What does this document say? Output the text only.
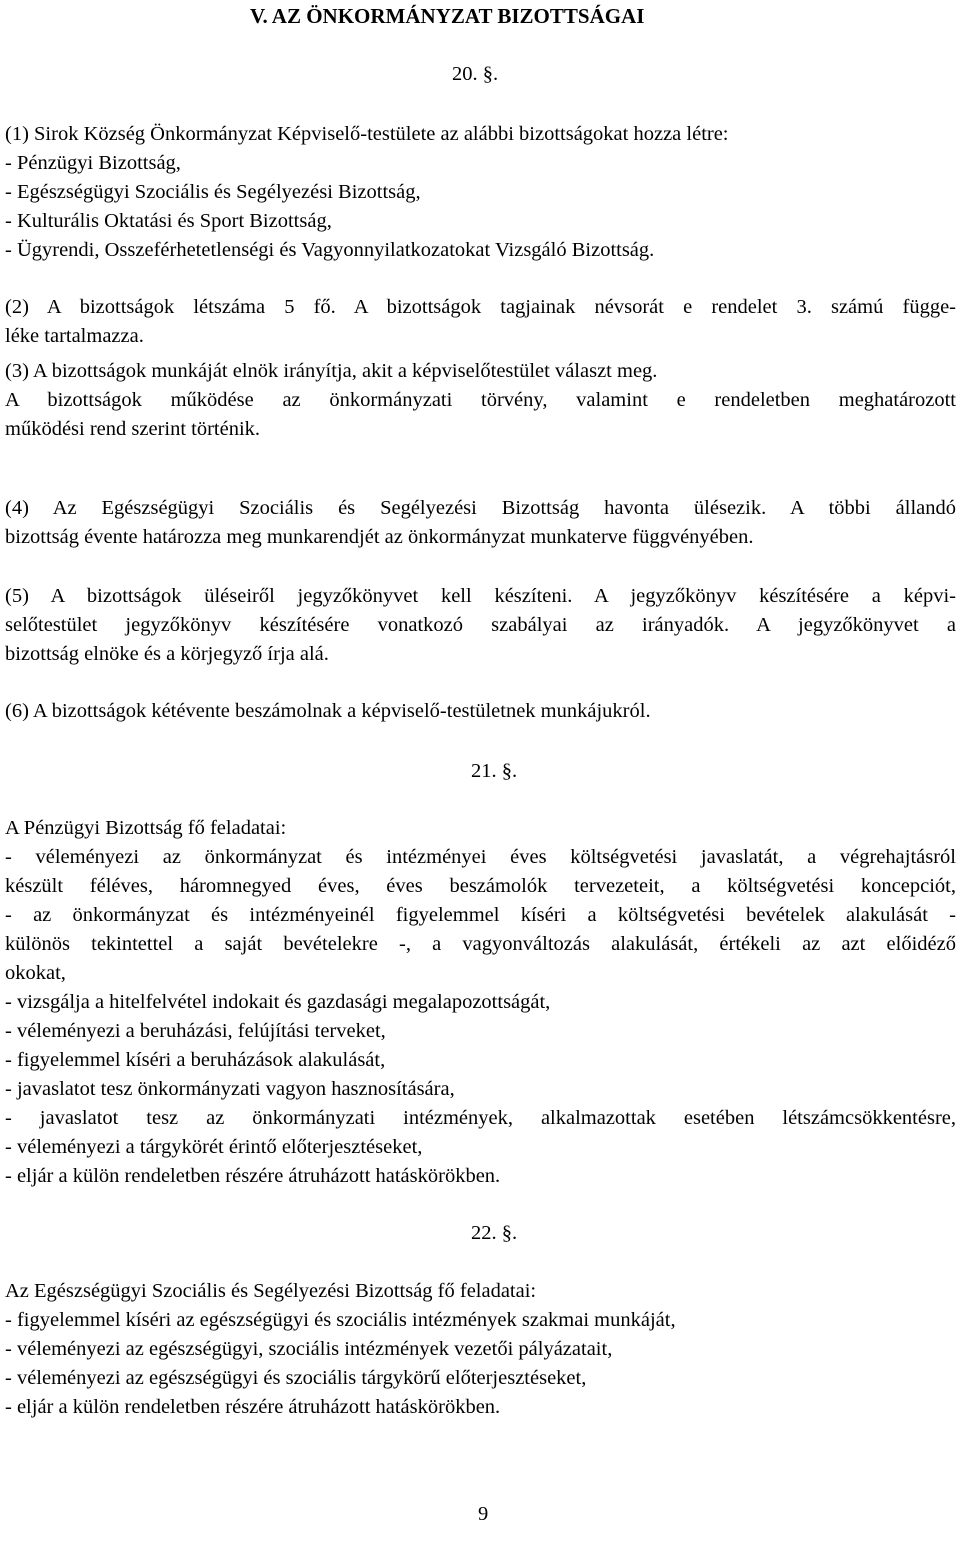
V. AZ ÖNKORMÁNYZAT BIZOTTSÁGAI
20. §.
(1) Sirok Község Önkormányzat Képviselő-testülete az alábbi bizottságokat hozza létre:
- Pénzügyi Bizottság,
- Egészségügyi Szociális és Segélyezési Bizottság,
- Kulturális Oktatási és Sport Bizottság,
- Ügyrendi, Osszeférhetetlenségi és Vagyonnyilatkozatokat Vizsgáló Bizottság.
(2) A bizottságok létszáma 5 fő. A bizottságok tagjainak névsorát e rendelet 3. számú függe-
léke tartalmazza.
(3) A bizottságok munkáját elnök irányítja, akit a képviselőtestület választ meg.
A bizottságok működése az önkormányzati törvény, valamint e rendeletben meghatározott
működési rend szerint történik.
(4) Az Egészségügyi Szociális és Segélyezési Bizottság havonta ülésezik. A többi állandó
bizottság évente határozza meg munkarendjét az önkormányzat munkaterve függvényében.
(5) A bizottságok üléseiről jegyzőkönyvet kell készíteni. A jegyzőkönyv készítésére a képvi-
selőtestület jegyzőkönyv készítésére vonatkozó szabályai az irányadók. A jegyzőkönyvet a
bizottság elnöke és a körjegyző írja alá.
(6) A bizottságok kétévente beszámolnak a képviselő-testületnek munkájukról.
21. §.
A Pénzügyi Bizottság fő feladatai:
- véleményezi az önkormányzat és intézményei éves költségvetési javaslatát, a végrehajtásról
készült féléves, háromnegyed éves, éves beszámolók tervezeteit, a költségvetési koncepciót,
- az önkormányzat és intézményeinél figyelemmel kíséri a költségvetési bevételek alakulását -
különös tekintettel a saját bevételekre -, a vagyonváltozás alakulását, értékeli az azt előidéző
okokat,
- vizsgálja a hitelfelvétel indokait és gazdasági megalapozottságát,
- véleményezi a beruházási, felújítási terveket,
- figyelemmel kíséri a beruházások alakulását,
- javaslatot tesz önkormányzati vagyon hasznosítására,
- javaslatot tesz az önkormányzati intézmények, alkalmazottak esetében létszámcsökkentésre,
- véleményezi a tárgykörét érintő előterjesztéseket,
- eljár a külön rendeletben részére átruházott hatáskörökben.
22. §.
Az Egészségügyi Szociális és Segélyezési Bizottság fő feladatai:
- figyelemmel kíséri az egészségügyi és szociális intézmények szakmai munkáját,
- véleményezi az egészségügyi, szociális intézmények vezetői pályázatait,
- véleményezi az egészségügyi és szociális tárgykörű előterjesztéseket,
- eljár a külön rendeletben részére átruházott hatáskörökben.
9
